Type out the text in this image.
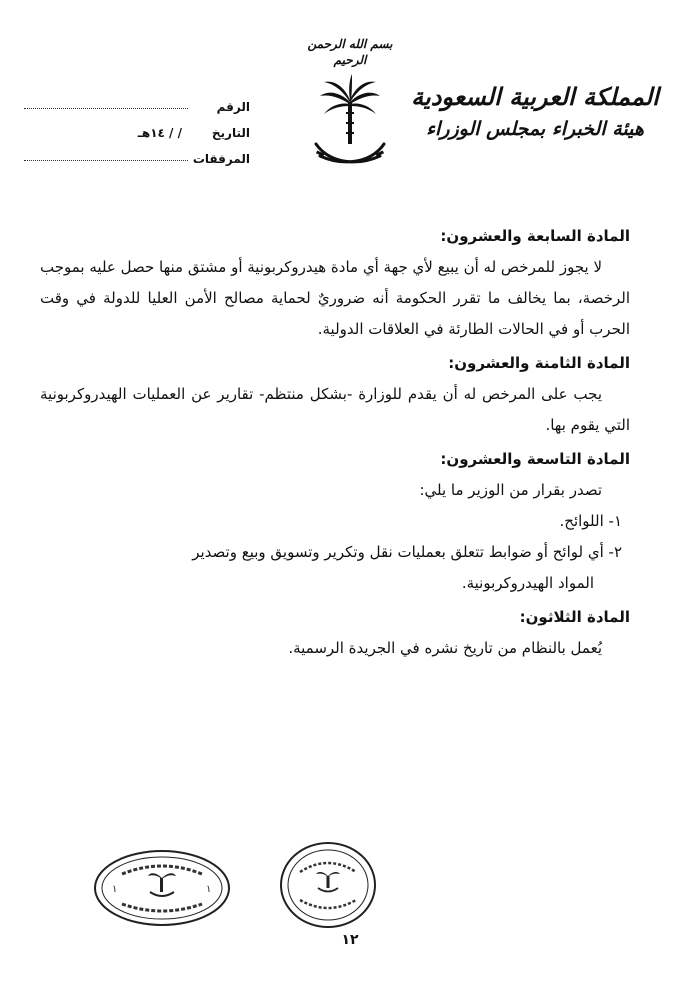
المملكة العربية السعودية
هيئة الخبراء بمجلس الوزراء
بسم الله الرحمن الرحيم
الرقم
التاريخ
/ / ١٤هـ
المرفقات
المادة السابعة والعشرون:

لا يجوز للمرخص له أن يبيع لأي جهة أي مادة هيدروكربونية أو مشتق منها حصل عليه بموجب الرخصة، بما يخالف ما تقرر الحكومة أنه ضروريٌ لحماية مصالح الأمن العليا للدولة في وقت الحرب أو في الحالات الطارئة في العلاقات الدولية.

المادة الثامنة والعشرون:

يجب على المرخص له أن يقدم للوزارة -بشكل منتظم- تقارير عن العمليات الهيدروكربونية التي يقوم بها.

المادة التاسعة والعشرون:

تصدر بقرار من الوزير ما يلي:

١- اللوائح.
٢- أي لوائح أو ضوابط تتعلق بعمليات نقل وتكرير وتسويق وبيع وتصدير
المواد الهيدروكربونية.
المادة الثلاثون:

يُعمل بالنظام من تاريخ نشره في الجريدة الرسمية.

١	١
١٢
